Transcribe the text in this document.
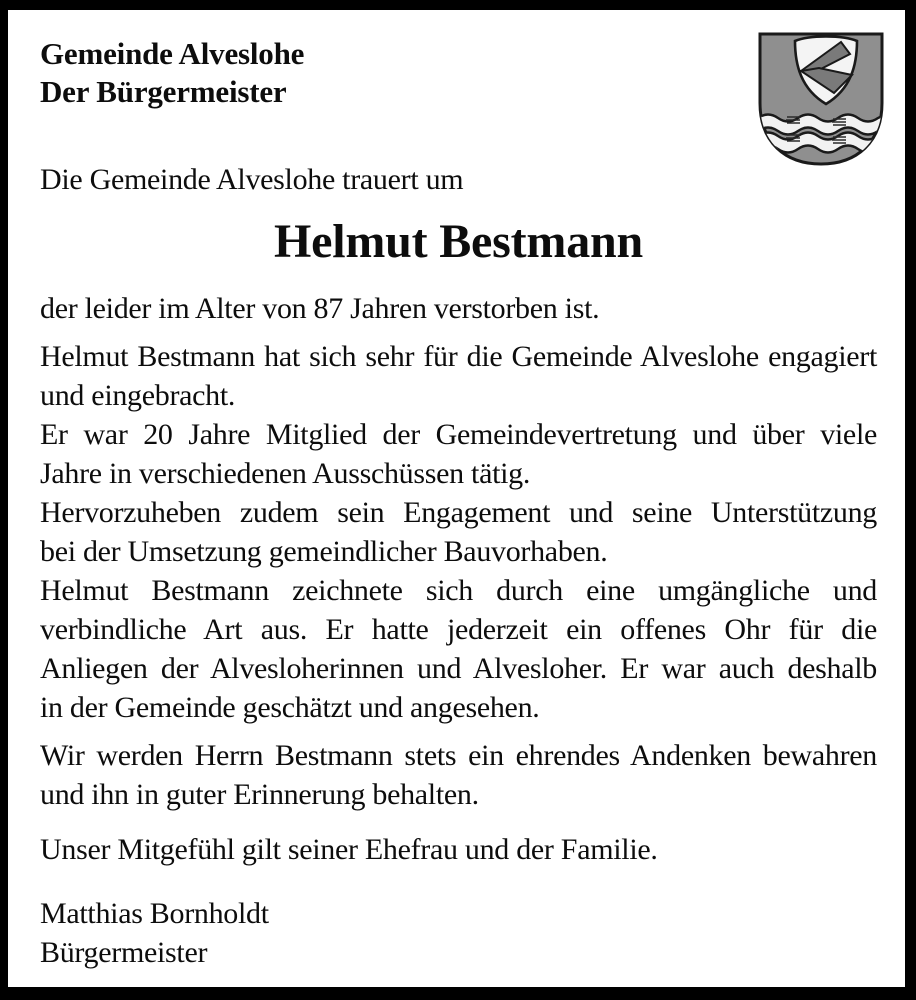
Gemeinde Alveslohe
Der Bürgermeister
Die Gemeinde Alveslohe trauert um
Helmut Bestmann
der leider im Alter von 87 Jahren verstorben ist.
Helmut Bestmann hat sich sehr für die Gemeinde Alveslohe engagiert
und eingebracht.
Er war 20 Jahre Mitglied der Gemeindevertretung und über viele
Jahre in verschiedenen Ausschüssen tätig.
Hervorzuheben zudem sein Engagement und seine Unterstützung
bei der Umsetzung gemeindlicher Bauvorhaben.
Helmut Bestmann zeichnete sich durch eine umgängliche und
verbindliche Art aus. Er hatte jederzeit ein offenes Ohr für die
Anliegen der Alvesloherinnen und Alvesloher. Er war auch deshalb
in der Gemeinde geschätzt und angesehen.
Wir werden Herrn Bestmann stets ein ehrendes Andenken bewahren
und ihn in guter Erinnerung behalten.
Unser Mitgefühl gilt seiner Ehefrau und der Familie.
Matthias Bornholdt
Bürgermeister
